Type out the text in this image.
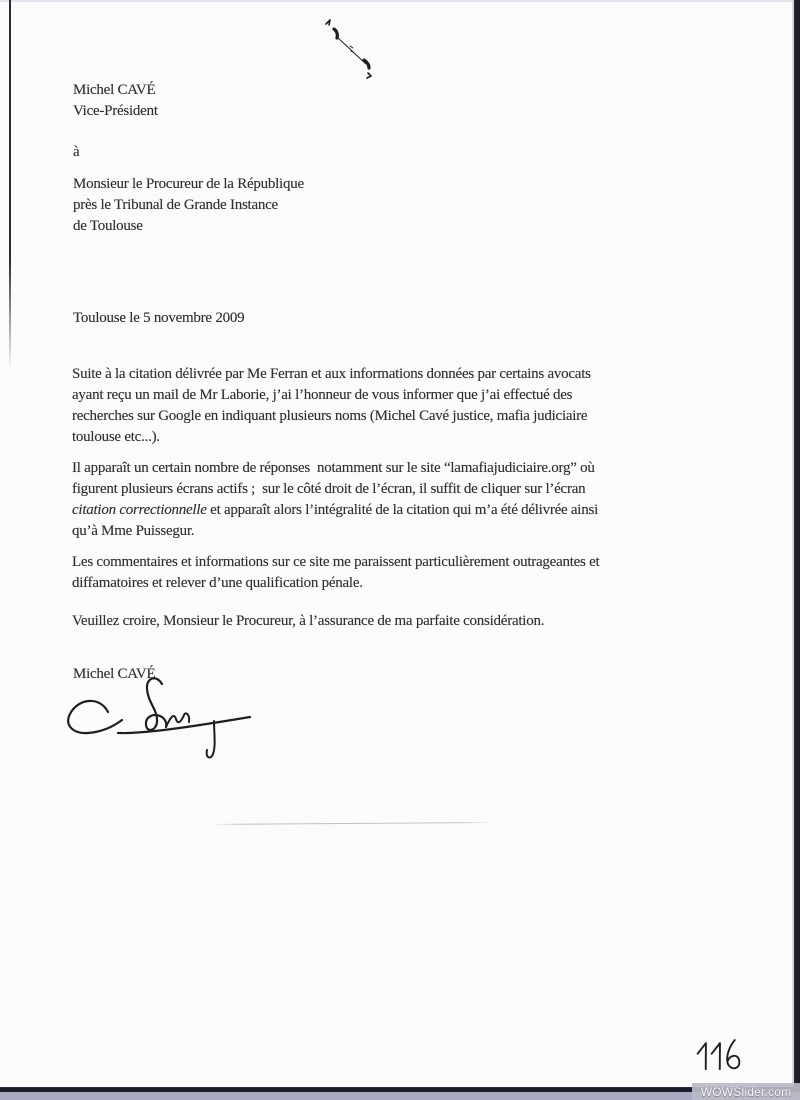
Michel CAVÉ
Vice-Président
à
Monsieur le Procureur de la République
près le Tribunal de Grande Instance
de Toulouse
Toulouse le 5 novembre 2009
Suite à la citation délivrée par Me Ferran et aux informations données par certains avocats
ayant reçu un mail de Mr Laborie, j’ai l’honneur de vous informer que j’ai effectué des
recherches sur Google en indiquant plusieurs noms (Michel Cavé justice, mafia judiciaire
toulouse etc...).
Il apparaît un certain nombre de réponses  notamment sur le site “lamafiajudiciaire.org” où
figurent plusieurs écrans actifs ;  sur le côté droit de l’écran, il suffit de cliquer sur l’écran
citation correctionnelle et apparaît alors l’intégralité de la citation qui m’a été délivrée ainsi
qu’à Mme Puissegur.
Les commentaires et informations sur ce site me paraissent particulièrement outrageantes et
diffamatoires et relever d’une qualification pénale.
Veuillez croire, Monsieur le Procureur, à l’assurance de ma parfaite considération.
Michel CAVÉ
WOWSlider.com
